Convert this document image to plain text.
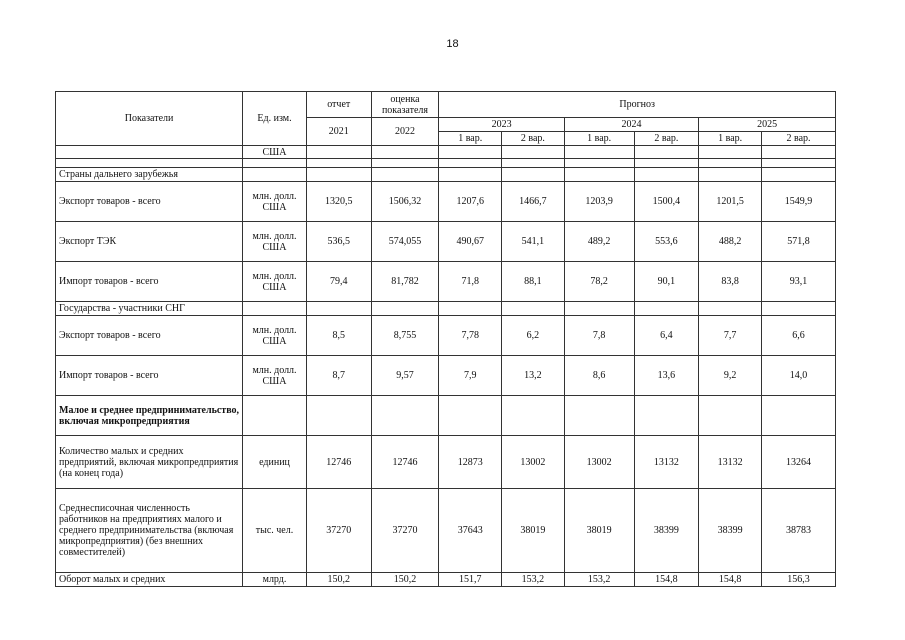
18
Показатели	Ед. изм.	отчет	оценка показателя	Прогноз					
		2021	2022	2023		2024		2025	
				1 вар.	2 вар.	1 вар.	2 вар.	1 вар.	2 вар.
	США								

Страны дальнего зарубежья									
Экспорт товаров - всего	млн. долл. США	1320,5	1506,32	1207,6	1466,7	1203,9	1500,4	1201,5	1549,9
Экспорт ТЭК	млн. долл. США	536,5	574,055	490,67	541,1	489,2	553,6	488,2	571,8
Импорт товаров - всего	млн. долл. США	79,4	81,782	71,8	88,1	78,2	90,1	83,8	93,1
Государства - участники СНГ									
Экспорт товаров - всего	млн. долл. США	8,5	8,755	7,78	6,2	7,8	6,4	7,7	6,6
Импорт товаров - всего	млн. долл. США	8,7	9,57	7,9	13,2	8,6	13,6	9,2	14,0
Малое и среднее предпринимательство, включая микропредприятия									
Количество малых и средних предприятий, включая микропредприятия (на конец года)	единиц	12746	12746	12873	13002	13002	13132	13132	13264
Среднесписочная численность работников на предприятиях малого и среднего предпринимательства (включая микропредприятия) (без внешних совместителей)	тыс. чел.	37270	37270	37643	38019	38019	38399	38399	38783
Оборот малых и средних	млрд.	150,2	150,2	151,7	153,2	153,2	154,8	154,8	156,3
